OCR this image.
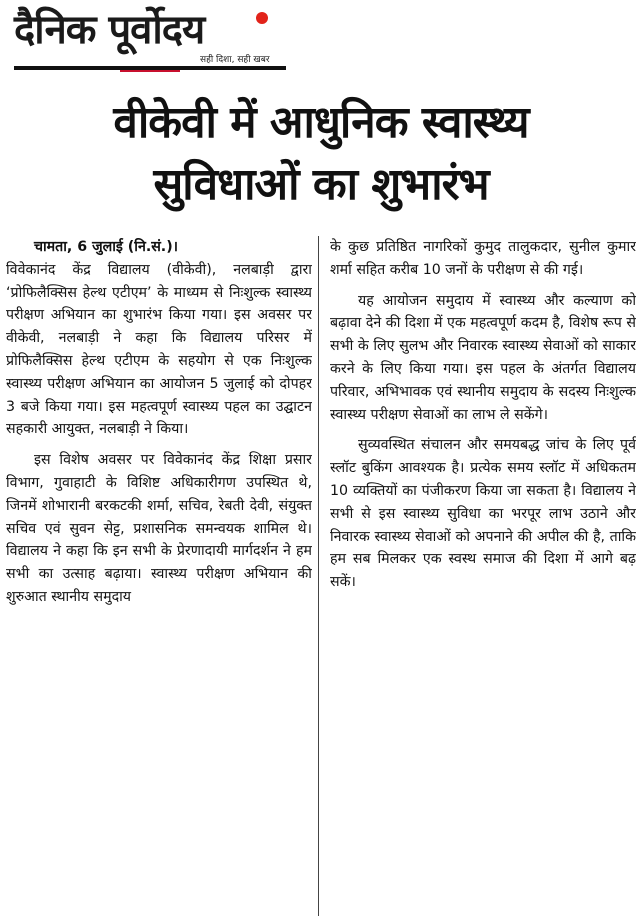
दैनिक पूर्वोदय
सही दिशा, सही खबर
वीकेवी में आधुनिक स्वास्थ्य
सुविधाओं का शुभारंभ

चामता, 6 जुलाई (नि.सं.)।

विवेकानंद केंद्र विद्यालय (वीकेवी), नलबाड़ी द्वारा ‘प्रोफिलैक्सिस हेल्थ एटीएम’ के माध्यम से निःशुल्क स्वास्थ्य परीक्षण अभियान का शुभारंभ किया गया। इस अवसर पर वीकेवी, नलबाड़ी ने कहा कि विद्यालय परिसर में प्रोफिलैक्सिस हेल्थ एटीएम के सहयोग से एक निःशुल्क स्वास्थ्य परीक्षण अभियान का आयोजन 5 जुलाई को दोपहर 3 बजे किया गया। इस महत्वपूर्ण स्वास्थ्य पहल का उद्घाटन सहकारी आयुक्त, नलबाड़ी ने किया।

इस विशेष अवसर पर विवेकानंद केंद्र शिक्षा प्रसार विभाग, गुवाहाटी के विशिष्ट अधिकारीगण उपस्थित थे, जिनमें शोभारानी बरकटकी शर्मा, सचिव, रेबती देवी, संयुक्त सचिव एवं सुवन सेट्ट, प्रशासनिक समन्वयक शामिल थे। विद्यालय ने कहा कि इन सभी के प्रेरणादायी मार्गदर्शन ने हम सभी का उत्साह बढ़ाया। स्वास्थ्य परीक्षण अभियान की शुरुआत स्थानीय समुदाय

के कुछ प्रतिष्ठित नागरिकों कुमुद तालुकदार, सुनील कुमार शर्मा सहित करीब 10 जनों के परीक्षण से की गई।

यह आयोजन समुदाय में स्वास्थ्य और कल्याण को बढ़ावा देने की दिशा में एक महत्वपूर्ण कदम है, विशेष रूप से सभी के लिए सुलभ और निवारक स्वास्थ्य सेवाओं को साकार करने के लिए किया गया। इस पहल के अंतर्गत विद्यालय परिवार, अभिभावक एवं स्थानीय समुदाय के सदस्य निःशुल्क स्वास्थ्य परीक्षण सेवाओं का लाभ ले सकेंगे।

सुव्यवस्थित संचालन और समयबद्ध जांच के लिए पूर्व स्लॉट बुकिंग आवश्यक है। प्रत्येक समय स्लॉट में अधिकतम 10 व्यक्तियों का पंजीकरण किया जा सकता है। विद्यालय ने सभी से इस स्वास्थ्य सुविधा का भरपूर लाभ उठाने और निवारक स्वास्थ्य सेवाओं को अपनाने की अपील की है, ताकि हम सब मिलकर एक स्वस्थ समाज की दिशा में आगे बढ़ सकें।
